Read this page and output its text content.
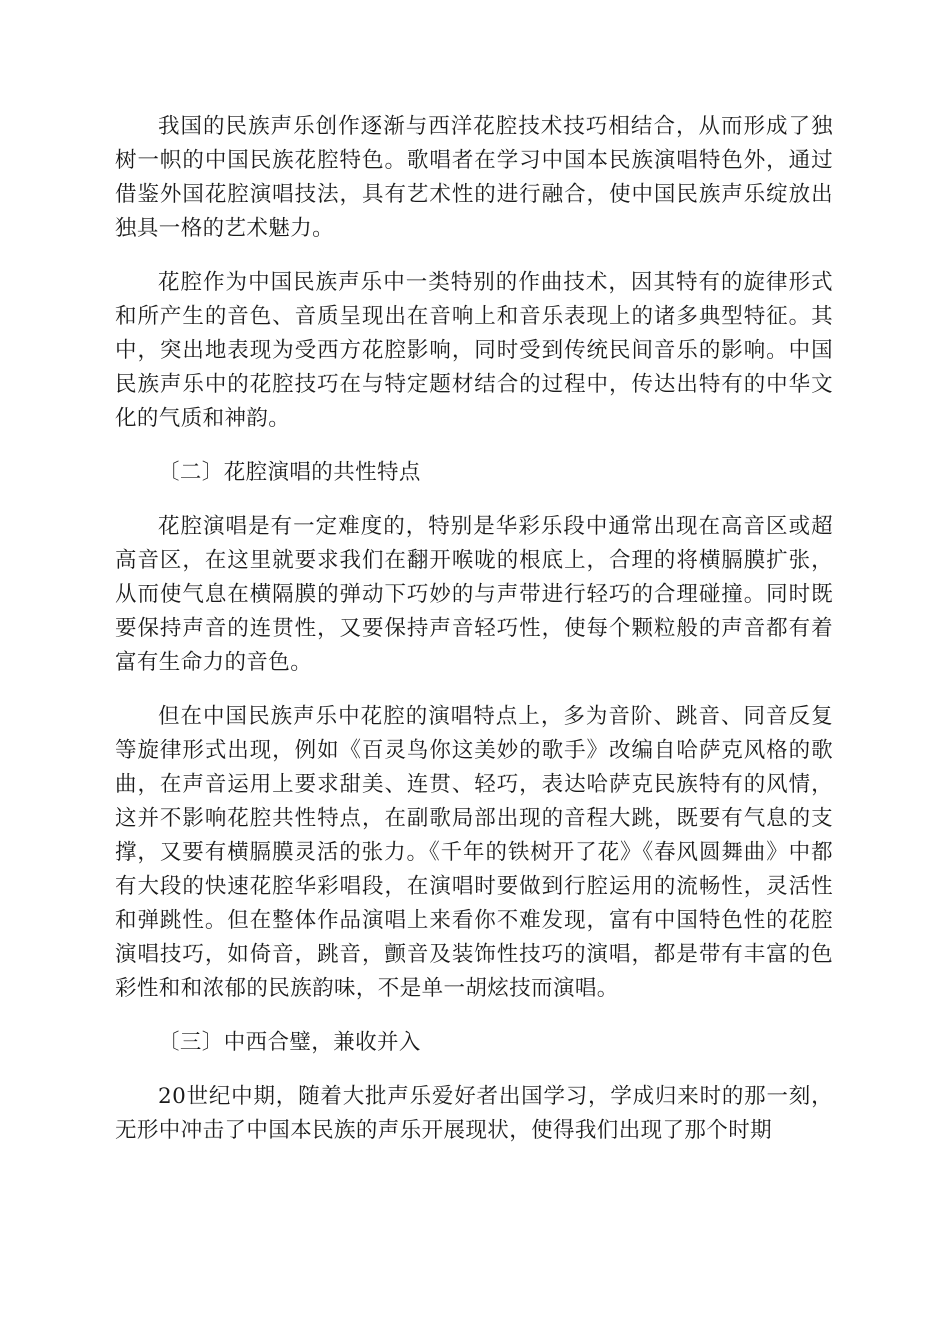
我国的民族声乐创作逐渐与西洋花腔技术技巧相结合，从而形成了独树一帜的中国民族花腔特色。歌唱者在学习中国本民族演唱特色外，通过借鉴外国花腔演唱技法，具有艺术性的进行融合，使中国民族声乐绽放出独具一格的艺术魅力。

花腔作为中国民族声乐中一类特别的作曲技术，因其特有的旋律形式和所产生的音色、音质呈现出在音响上和音乐表现上的诸多典型特征。其中，突出地表现为受西方花腔影响，同时受到传统民间音乐的影响。中国民族声乐中的花腔技巧在与特定题材结合的过程中，传达出特有的中华文化的气质和神韵。

〔二〕花腔演唱的共性特点

花腔演唱是有一定难度的，特别是华彩乐段中通常出现在高音区或超高音区，在这里就要求我们在翻开喉咙的根底上，合理的将横膈膜扩张，从而使气息在横隔膜的弹动下巧妙的与声带进行轻巧的合理碰撞。同时既要保持声音的连贯性，又要保持声音轻巧性，使每个颗粒般的声音都有着富有生命力的音色。

但在中国民族声乐中花腔的演唱特点上，多为音阶、跳音、同音反复等旋律形式出现，例如《百灵鸟你这美妙的歌手》改编自哈萨克风格的歌曲，在声音运用上要求甜美、连贯、轻巧，表达哈萨克民族特有的风情，这并不影响花腔共性特点，在副歌局部出现的音程大跳，既要有气息的支撑，又要有横膈膜灵活的张力。《千年的铁树开了花》《春风圆舞曲》中都有大段的快速花腔华彩唱段，在演唱时要做到行腔运用的流畅性，灵活性和弹跳性。但在整体作品演唱上来看你不难发现，富有中国特色性的花腔演唱技巧，如倚音，跳音，颤音及装饰性技巧的演唱，都是带有丰富的色彩性和和浓郁的民族韵味，不是单一胡炫技而演唱。

〔三〕中西合璧，兼收并入

20世纪中期，随着大批声乐爱好者出国学习，学成归来时的那一刻，无形中冲击了中国本民族的声乐开展现状，使得我们出现了那个时期
